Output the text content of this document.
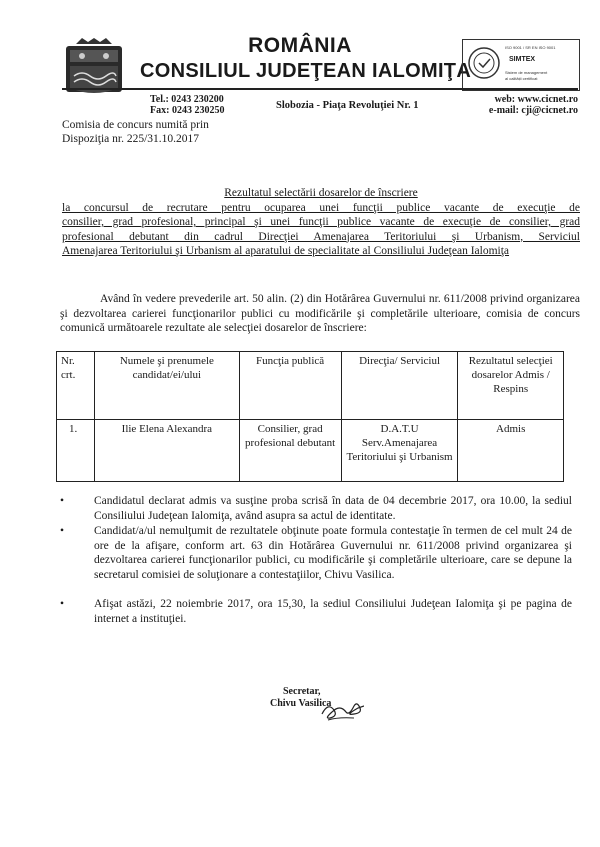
ROMÂNIA
CONSILIUL JUDEŢEAN IALOMIŢA
ISO 9001 / SR EN ISO 9001
SIMTEX
Sistem de management
al calității certificat
Tel.: 0243 230200
Fax: 0243 230250	Slobozia - Piaţa Revoluţiei Nr. 1
web: www.cicnet.ro
e-mail: cji@cicnet.ro
Comisia de concurs numită prin
Dispoziţia nr. 225/31.10.2017
Rezultatul selectării dosarelor de înscriere
la concursul de recrutare pentru ocuparea unei funcţii publice vacante de execuţie de
consilier, grad profesional, principal şi unei funcţii publice vacante de execuţie de consilier, grad
profesional debutant din cadrul Direcţiei Amenajarea Teritoriului şi Urbanism, Serviciul
Amenajarea Teritoriului şi Urbanism al aparatului de specialitate al Consiliului Judeţean Ialomiţa
Având în vedere prevederile art. 50 alin. (2) din Hotărârea Guvernului nr. 611/2008 privind organizarea şi dezvoltarea carierei funcţionarilor publici cu modificările şi completările ulterioare, comisia de concurs comunică următoarele rezultate ale selecţiei dosarelor de înscriere:
Nr. crt.	Numele şi prenumele candidat/ei/ului	Funcţia publică	Direcţia/ Serviciul	Rezultatul selecţiei dosarelor Admis / Respins
1.	Ilie Elena Alexandra	Consilier, grad profesional debutant	D.A.T.U Serv.Amenajarea Teritoriului şi Urbanism	Admis
•	Candidatul declarat admis va susţine proba scrisă în data de 04 decembrie 2017, ora 10.00, la sediul Consiliului Judeţean Ialomiţa, având asupra sa actul de identitate.
•	Candidat/a/ul nemulţumit de rezultatele obţinute poate formula contestaţie în termen de cel mult 24 de ore de la afişare, conform art. 63 din Hotărârea Guvernului nr. 611/2008 privind organizarea şi dezvoltarea carierei funcţionarilor publici, cu modificările şi completările ulterioare, care se depune la secretarul comisiei de soluţionare a contestaţiilor, Chivu Vasilica.
•	Afişat astăzi, 22 noiembrie 2017, ora 15,30, la sediul Consiliului Judeţean Ialomiţa şi pe pagina de internet a instituţiei.
Secretar,
Chivu Vasilica
